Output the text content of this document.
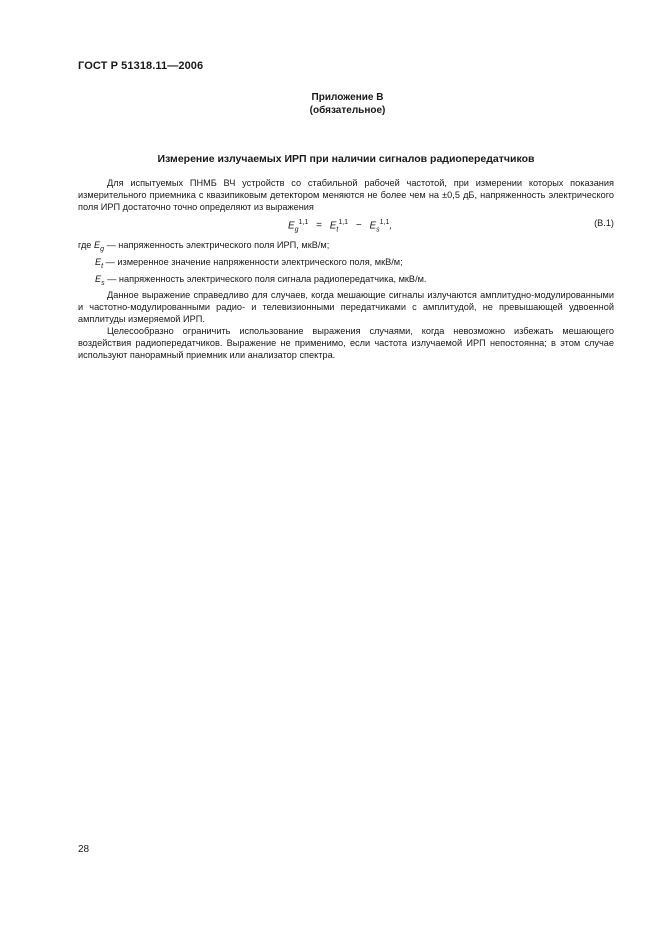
ГОСТ Р 51318.11—2006
Приложение В
(обязательное)
Измерение излучаемых ИРП при наличии сигналов радиопередатчиков

Для испытуемых ПНМБ ВЧ устройств со стабильной рабочей частотой, при измерении которых показания измерительного приемника с квазипиковым детектором меняются не более чем на ±0,5 дБ, напряженность электрического поля ИРП достаточно точно определяют из выражения

$E_g^{1,1} = E_t^{1,1} - E_s^{1,1}$,	(В.1)

где $E_g$ — напряженность электрического поля ИРП, мкВ/м;

$E_t$ — измеренное значение напряженности электрического поля, мкВ/м;

$E_s$ — напряженность электрического поля сигнала радиопередатчика, мкВ/м.

Данное выражение справедливо для случаев, когда мешающие сигналы излучаются амплитудно-модулированными и частотно-модулированными радио- и телевизионными передатчиками с амплитудой, не превышающей удвоенной амплитуды измеряемой ИРП.

Целесообразно ограничить использование выражения случаями, когда невозможно избежать мешающего воздействия радиопередатчиков. Выражение не применимо, если частота излучаемой ИРП непостоянна; в этом случае используют панорамный приемник или анализатор спектра.

28
